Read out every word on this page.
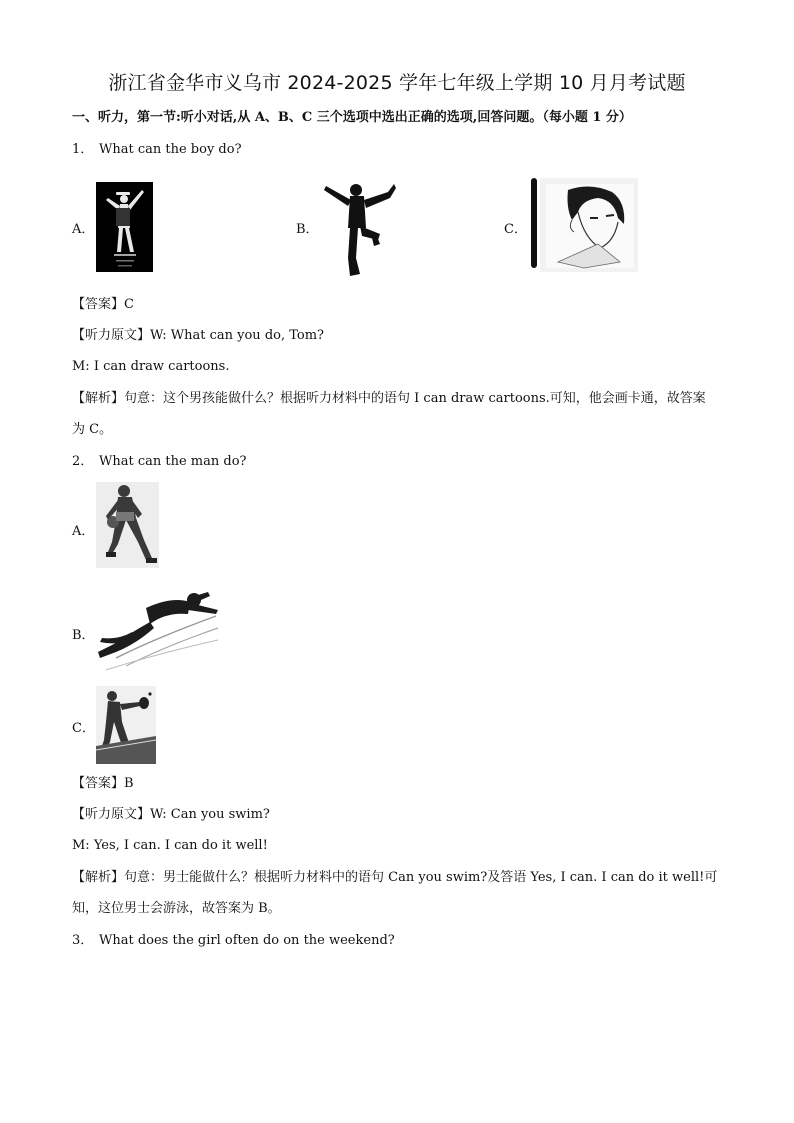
浙江省金华市义乌市 2024-2025 学年七年级上学期 10 月月考试题
一、听力，第一节:听小对话,从 A、B、C 三个选项中选出正确的选项,回答问题。（每小题 1 分）
1． What can the boy do?
A．	B．	C．
【答案】C
【听力原文】W: What can you do, Tom?
M: I can draw cartoons.
【解析】句意：这个男孩能做什么？根据听力材料中的语句 I can draw cartoons.可知，他会画卡通，故答案
为 C。
2． What can the man do?
A．
B．
C．
【答案】B
【听力原文】W: Can you swim?
M: Yes, I can. I can do it well!
【解析】句意：男士能做什么？根据听力材料中的语句 Can you swim?及答语 Yes, I can. I can do it well!可
知，这位男士会游泳，故答案为 B。
3． What does the girl often do on the weekend?
